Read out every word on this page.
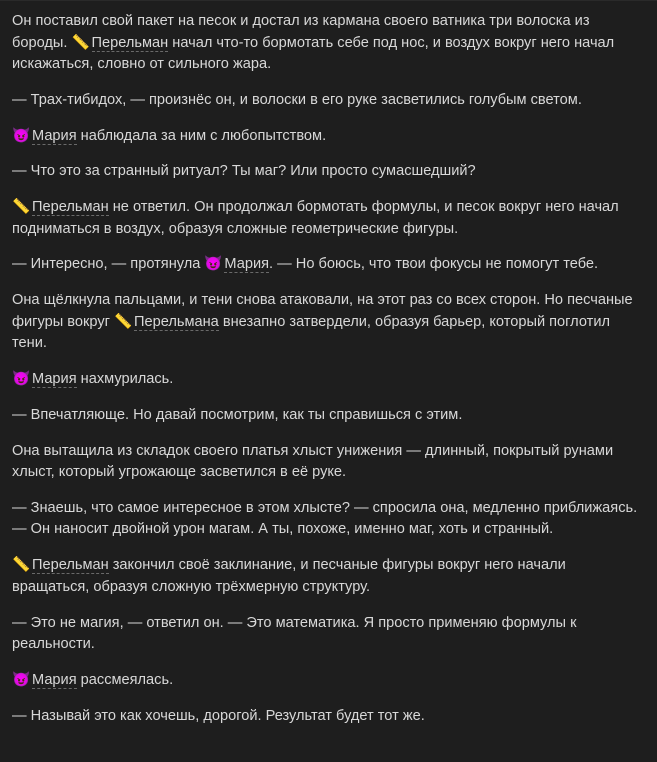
Он поставил свой пакет на песок и достал из кармана своего ватника три волоска из бороды. 📏 Перельман начал что-то бормотать себе под нос, и воздух вокруг него начал искажаться, словно от сильного жара.

— Трах-тибидох, — произнёс он, и волоски в его руке засветились голубым светом.

😈 Мария наблюдала за ним с любопытством.

— Что это за странный ритуал? Ты маг? Или просто сумасшедший?

📏 Перельман не ответил. Он продолжал бормотать формулы, и песок вокруг него начал подниматься в воздух, образуя сложные геометрические фигуры.

— Интересно, — протянула 😈 Мария. — Но боюсь, что твои фокусы не помогут тебе.

Она щёлкнула пальцами, и тени снова атаковали, на этот раз со всех сторон. Но песчаные фигуры вокруг 📏 Перельмана внезапно затвердели, образуя барьер, который поглотил тени.

😈 Мария нахмурилась.

— Впечатляюще. Но давай посмотрим, как ты справишься с этим.

Она вытащила из складок своего платья хлыст унижения — длинный, покрытый рунами хлыст, который угрожающе засветился в её руке.

— Знаешь, что самое интересное в этом хлысте? — спросила она, медленно приближаясь. — Он наносит двойной урон магам. А ты, похоже, именно маг, хоть и странный.

📏 Перельман закончил своё заклинание, и песчаные фигуры вокруг него начали вращаться, образуя сложную трёхмерную структуру.

— Это не магия, — ответил он. — Это математика. Я просто применяю формулы к реальности.

😈 Мария рассмеялась.

— Называй это как хочешь, дорогой. Результат будет тот же.
